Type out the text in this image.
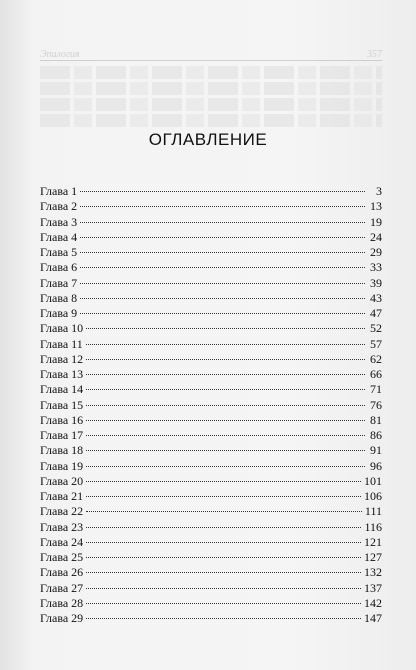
Эпилогия	357
ОГЛАВЛЕНИЕ
Глава 1	3
Глава 2	13
Глава 3	19
Глава 4	24
Глава 5	29
Глава 6	33
Глава 7	39
Глава 8	43
Глава 9	47
Глава 10	52
Глава 11	57
Глава 12	62
Глава 13	66
Глава 14	71
Глава 15	76
Глава 16	81
Глава 17	86
Глава 18	91
Глава 19	96
Глава 20	101
Глава 21	106
Глава 22	111
Глава 23	116
Глава 24	121
Глава 25	127
Глава 26	132
Глава 27	137
Глава 28	142
Глава 29	147
